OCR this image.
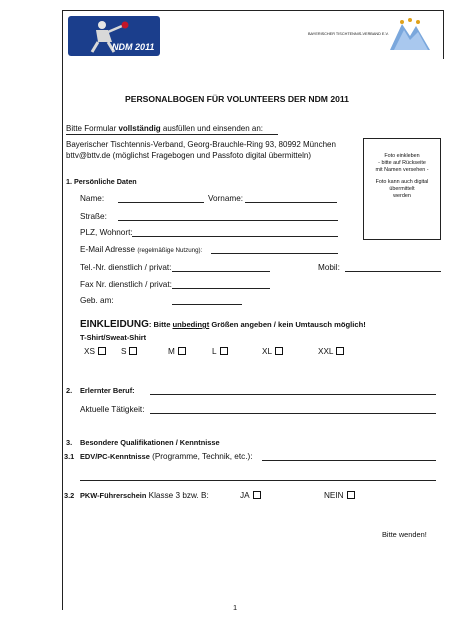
NDM 2011
BAYERISCHER TISCHTENNIS-VERBAND E.V.
PERSONALBOGEN FÜR VOLUNTEERS DER NDM 2011
Bitte Formular vollständig ausfüllen und einsenden an:
Bayerischer Tischtennis-Verband, Georg-Brauchle-Ring 93, 80992 München
bttv@bttv.de (möglichst Fragebogen und Passfoto digital übermitteln)	Foto einkleben
- bitte auf Rückseite
mit Namen versehen -
Foto kann auch digital
übermittelt
werden
1. Persönliche Daten
Name:	Vorname:
Straße:
PLZ, Wohnort:
E-Mail Adresse (regelmäßige Nutzung):
Tel.-Nr. dienstlich / privat:	Mobil:
Fax Nr. dienstlich / privat:
Geb. am:
EINKLEIDUNG: Bitte unbedingt Größen angeben / kein Umtausch möglich!
T-Shirt/Sweat-Shirt
XS	S	M	L	XL	XXL
2. Erlernter Beruf:
Aktuelle Tätigkeit:
3. Besondere Qualifikationen / Kenntnisse
3.1 EDV/PC-Kenntnisse (Programme, Technik, etc.):
3.2 PKW-Führerschein Klasse 3 bzw. B:	JA	NEIN
Bitte wenden!
1
